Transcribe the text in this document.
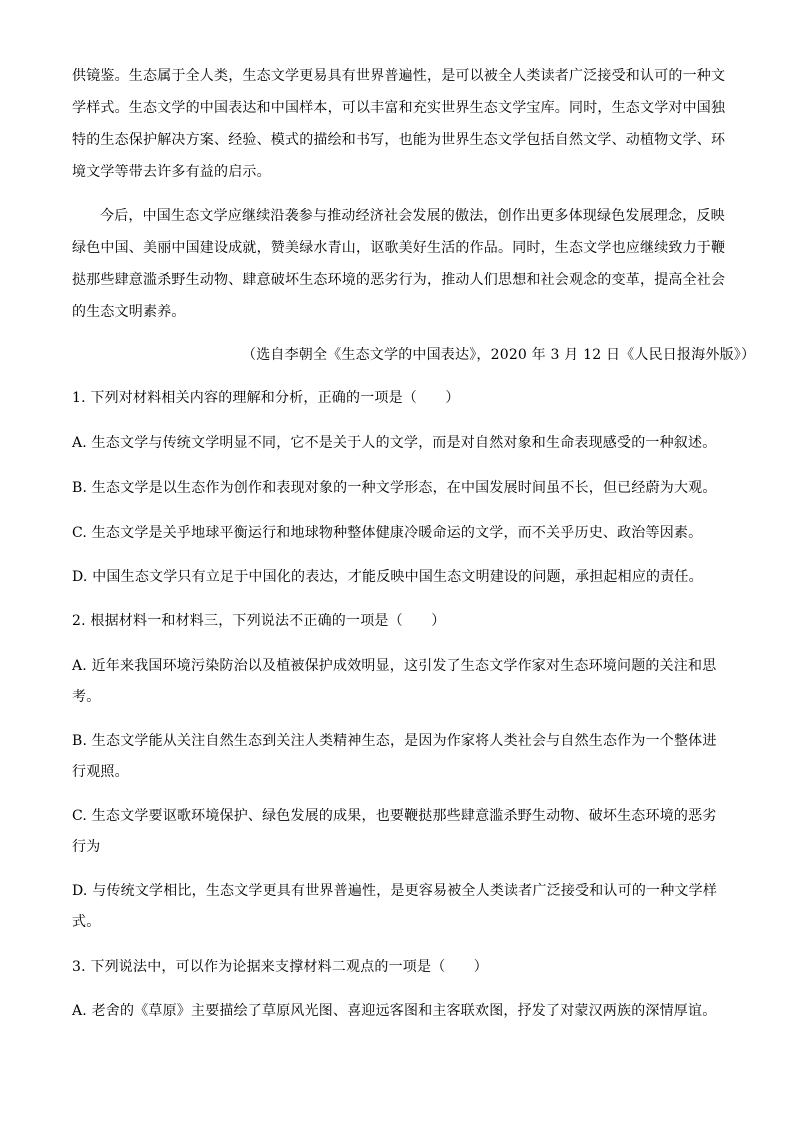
供镜鉴。生态属于全人类，生态文学更易具有世界普遍性，是可以被全人类读者广泛接受和认可的一种文
学样式。生态文学的中国表达和中国样本，可以丰富和充实世界生态文学宝库。同时，生态文学对中国独
特的生态保护解决方案、经验、模式的描绘和书写，也能为世界生态文学包括自然文学、动植物文学、环
境文学等带去许多有益的启示。
今后，中国生态文学应继续沿袭参与推动经济社会发展的傲法，创作出更多体现绿色发展理念，反映
绿色中国、美丽中国建设成就，赞美绿水青山，讴歌美好生活的作品。同时，生态文学也应继续致力于鞭
挞那些肆意滥杀野生动物、肆意破坏生态环境的恶劣行为，推动人们思想和社会观念的变革，提高全社会
的生态文明素养。
（选自李朝全《生态文学的中国表达》，2020 年 3 月 12 日《人民日报海外版》）
1. 下列对材料相关内容的理解和分析，正确的一项是（　　）
A. 生态文学与传统文学明显不同，它不是关于人的文学，而是对自然对象和生命表现感受的一种叙述。
B. 生态文学是以生态作为创作和表现对象的一种文学形态，在中国发展时间虽不长，但已经蔚为大观。
C. 生态文学是关乎地球平衡运行和地球物种整体健康冷暖命运的文学，而不关乎历史、政治等因素。
D. 中国生态文学只有立足于中国化的表达，才能反映中国生态文明建设的问题，承担起相应的责任。
2. 根据材料一和材料三，下列说法不正确的一项是（　　）
A. 近年来我国环境污染防治以及植被保护成效明显，这引发了生态文学作家对生态环境问题的关注和思
考。
B. 生态文学能从关注自然生态到关注人类精神生态，是因为作家将人类社会与自然生态作为一个整体进
行观照。
C. 生态文学要讴歌环境保护、绿色发展的成果，也要鞭挞那些肆意滥杀野生动物、破坏生态环境的恶劣
行为
D. 与传统文学相比，生态文学更具有世界普遍性，是更容易被全人类读者广泛接受和认可的一种文学样
式。
3. 下列说法中，可以作为论据来支撑材料二观点的一项是（　　）
A. 老舍的《草原》主要描绘了草原风光图、喜迎远客图和主客联欢图，抒发了对蒙汉两族的深情厚谊。
